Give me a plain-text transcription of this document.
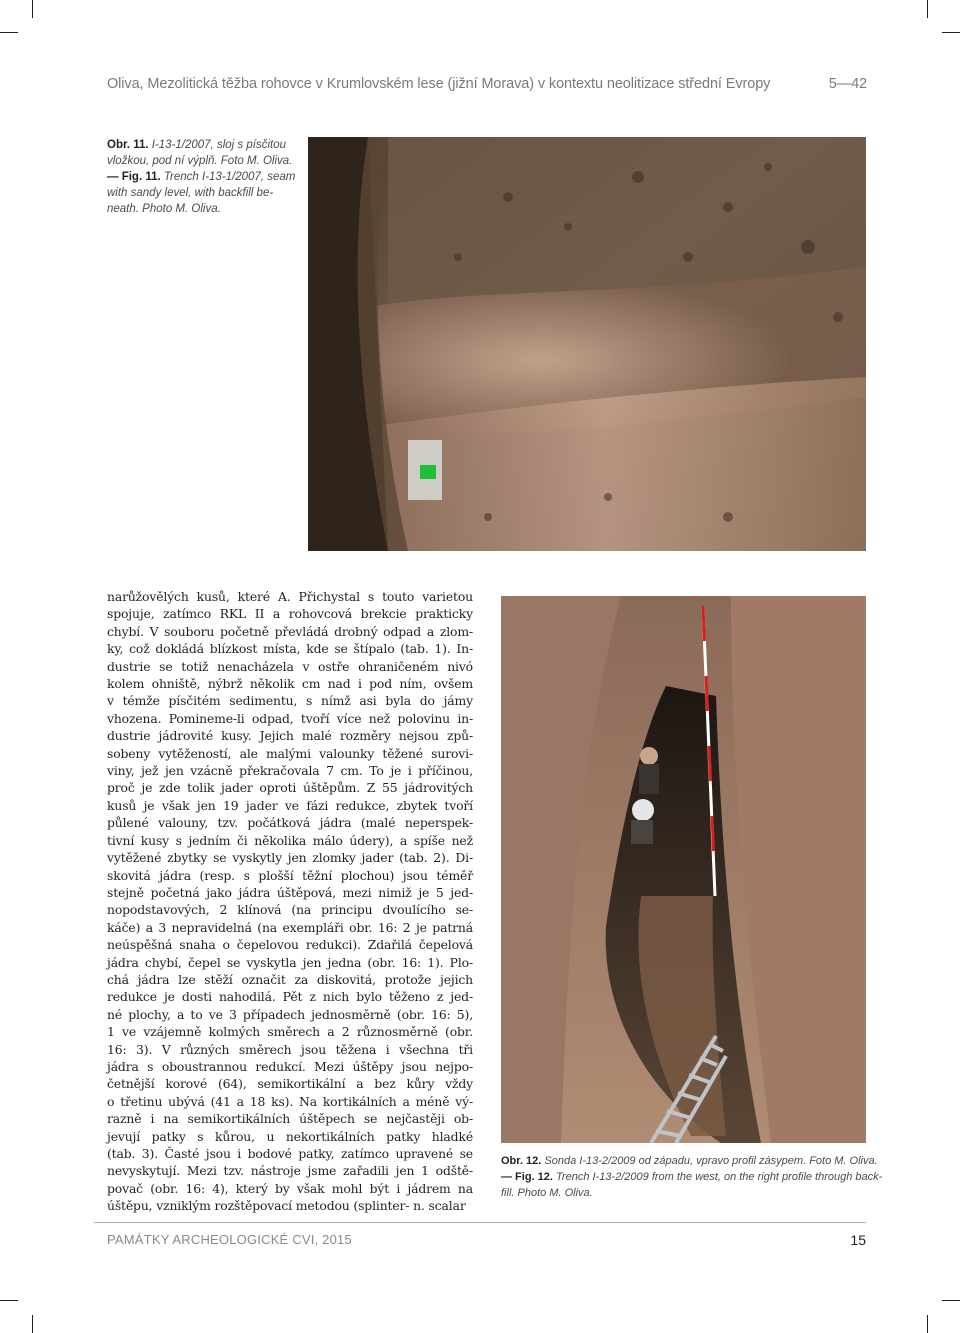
Oliva, Mezolitická těžba rohovce v Krumlovském lese (jižní Morava) v kontextu neolitizace střední Evropy	5—42
Obr. 11. I-13-1/2007, sloj s písčitou
vložkou, pod ní výplň. Foto M. Oliva.
— Fig. 11. Trench I-13-1/2007, seam
with sandy level, with backfill be-
neath. Photo M. Oliva.
narůžovělých kusů, které A. Přichystal s touto varietou
spojuje, zatímco RKL II a rohovcová brekcie prakticky
chybí. V souboru početně převládá drobný odpad a zlom-
ky, což dokládá blízkost místa, kde se štípalo (tab. 1). In-
dustrie se totiž nenacházela v ostře ohraničeném nivó
kolem ohniště, nýbrž několik cm nad i pod ním, ovšem
v témže písčitém sedimentu, s nímž asi byla do jámy
vhozena. Pomineme-li odpad, tvoří více než polovinu in-
dustrie jádrovité kusy. Jejich malé rozměry nejsou způ-
sobeny vytěžeností, ale malými valounky těžené surovi-
viny, jež jen vzácně překračovala 7 cm. To je i příčinou,
proč je zde tolik jader oproti úštěpům. Z 55 jádrovitých
kusů je však jen 19 jader ve fázi redukce, zbytek tvoří
půlené valouny, tzv. počátková jádra (malé neperspek-
tivní kusy s jedním či několika málo údery), a spíše než
vytěžené zbytky se vyskytly jen zlomky jader (tab. 2). Di-
skovitá jádra (resp. s plošší těžní plochou) jsou téměř
stejně početná jako jádra úštěpová, mezi nimiž je 5 jed-
nopodstavových, 2 klínová (na principu dvoulícího se-
káče) a 3 nepravidelná (na exempláři obr. 16: 2 je patrná
neúspěšná snaha o čepelovou redukci). Zdařilá čepelová
jádra chybí, čepel se vyskytla jen jedna (obr. 16: 1). Plo-
chá jádra lze stěží označit za diskovitá, protože jejich
redukce je dosti nahodilá. Pět z nich bylo těženo z jed-
né plochy, a to ve 3 případech jednosměrně (obr. 16: 5),
1 ve vzájemně kolmých směrech a 2 různosměrně (obr.
16: 3). V různých směrech jsou těžena i všechna tři
jádra s oboustrannou redukcí. Mezi úštěpy jsou nejpo-
četnější korové (64), semikortikální a bez kůry vždy
o třetinu ubývá (41 a 18 ks). Na kortikálních a méně vý-
razně i na semikortikálních úštěpech se nejčastěji ob-
jevují patky s kůrou, u nekortikálních patky hladké
(tab. 3). Časté jsou i bodové patky, zatímco upravené se
nevyskytují. Mezi tzv. nástroje jsme zařadili jen 1 odště-
povač (obr. 16: 4), který by však mohl být i jádrem na
úštěpu, vzniklým rozštěpovací metodou (splinter- n. scalar
Obr. 12. Sonda I-13-2/2009 od západu, vpravo profil zásypem. Foto M. Oliva.
— Fig. 12. Trench I-13-2/2009 from the west, on the right profile through back-
fill. Photo M. Oliva.
PAMÁTKY ARCHEOLOGICKÉ CVI, 2015	15
